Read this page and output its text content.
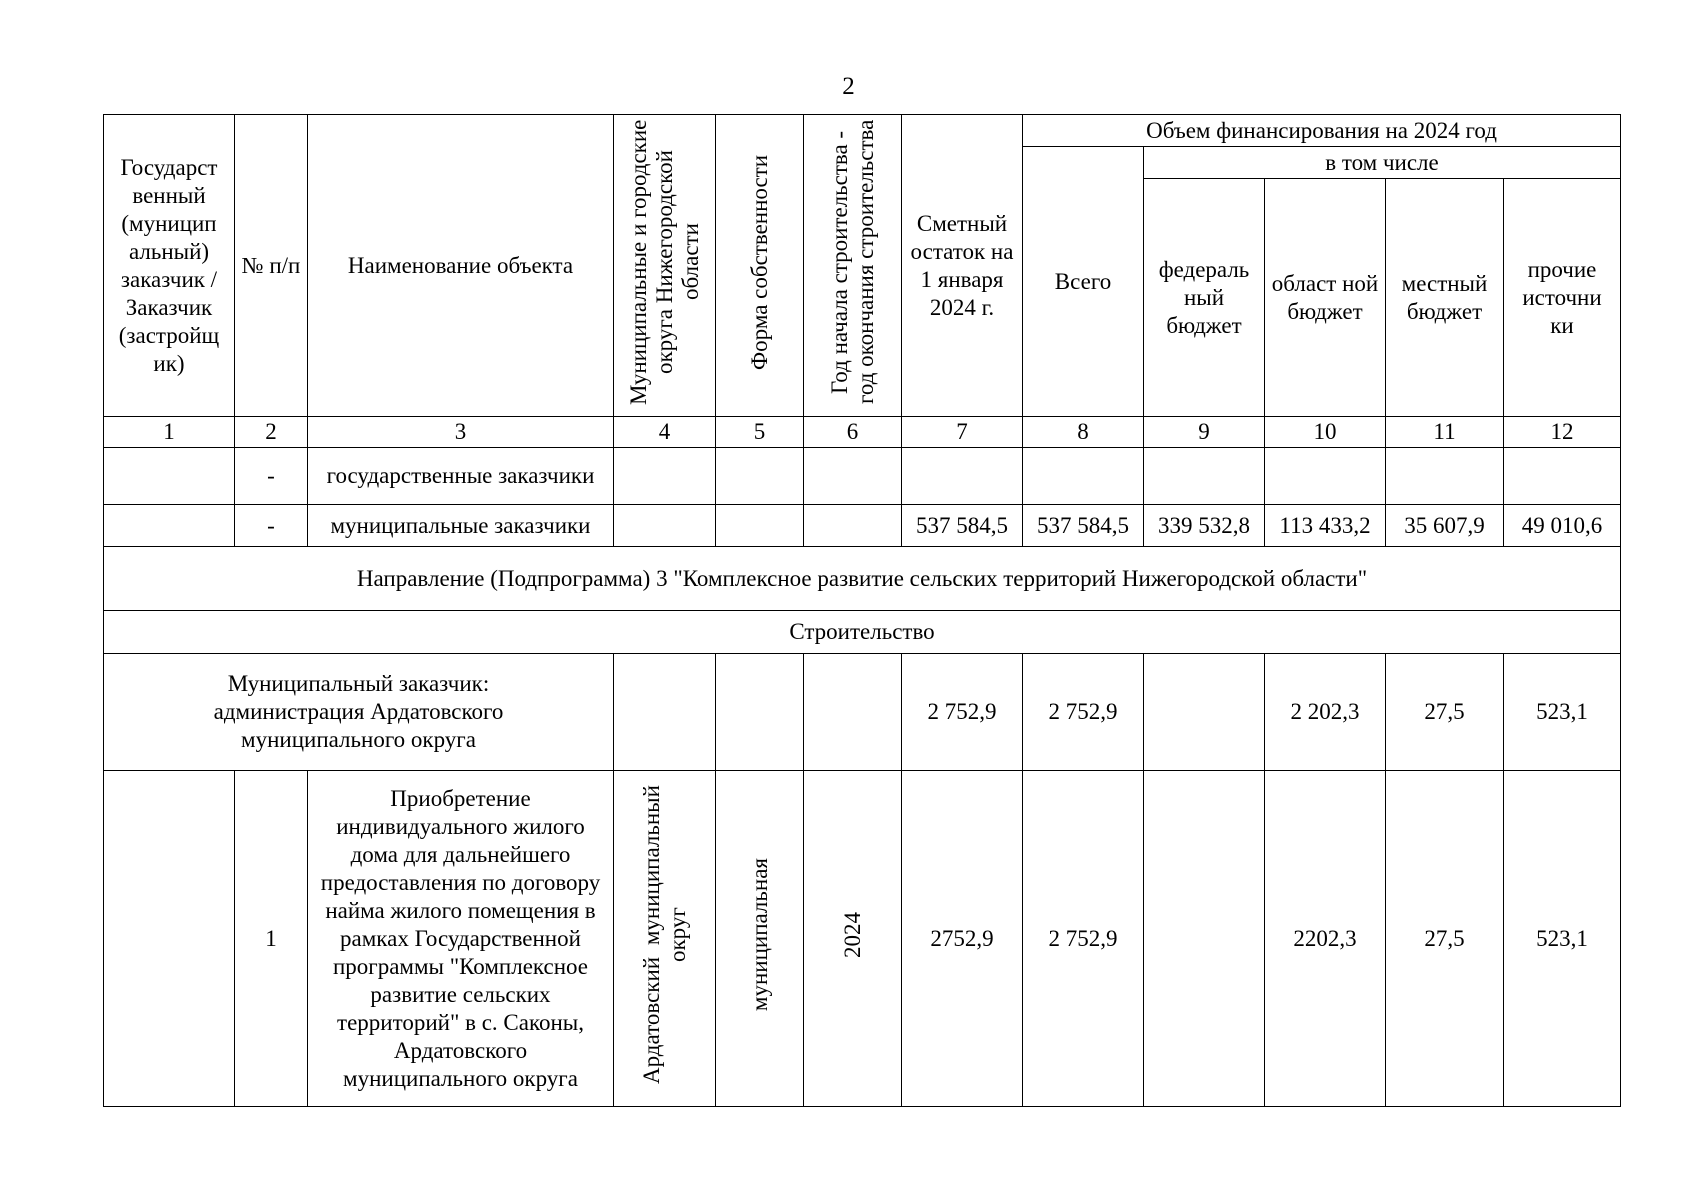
2
Государст венный (муницип альный) заказчик / Заказчик (застройщ ик)	№ п/п	Наименование объекта	Муниципальные и городские округа Нижегородской области	Форма собственности	Год начала строительства - год окончания строительства	Сметный остаток на 1 января 2024 г.	Объем финансирования на 2024 год				
							Всего	в том числе			
								федераль ный бюджет	област ной бюджет	местный бюджет	прочие источни ки
1	2	3	4	5	6	7	8	9	10	11	12
	-	государственные заказчики									
	-	муниципальные заказчики				537 584,5	537 584,5	339 532,8	113 433,2	35 607,9	49 010,6
Направление (Подпрограмма) 3 "Комплексное развитие сельских территорий Нижегородской области"											
Строительство											
Муниципальный заказчик: администрация Ардатовского муниципального округа						2 752,9	2 752,9		2 202,3	27,5	523,1
	1	Приобретение индивидуального жилого дома для дальнейшего предоставления по договору найма жилого помещения в рамках Государственной программы "Комплексное развитие сельских территорий" в с. Саконы, Ардатовского муниципального округа	Ардатовский муниципальный округ	муниципальная	2024	2752,9	2 752,9		2202,3	27,5	523,1
